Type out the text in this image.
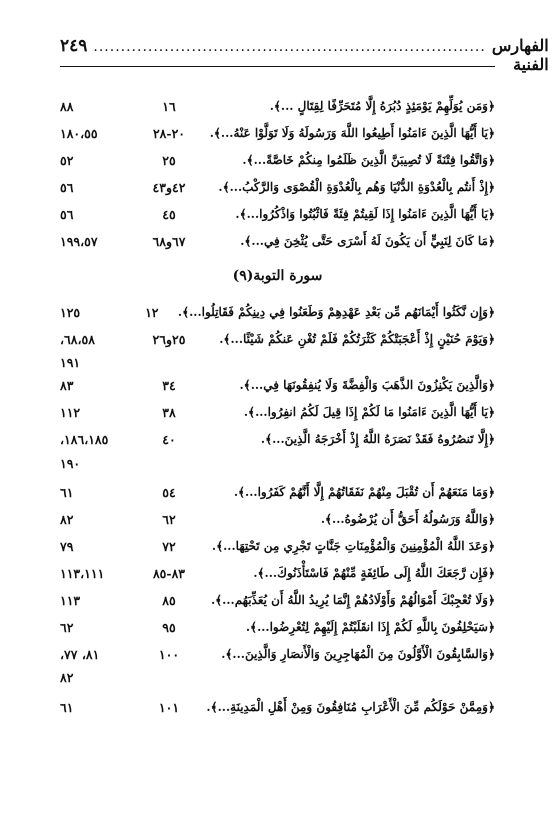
٢٤٩ ........................................................................ الفهارس الفنية
٨٨	١٦	﴿وَمَن يُوَلِّهِمْ يَوْمَئِذٍ دُبُرَهُ إِلَّا مُتَحَرِّفًا لِقِتَالٍ ...﴾.
١٨٠،٥٥	٢٠-٢٨	﴿يَا أَيُّهَا الَّذِينَ ءَامَنُوا أَطِيعُوا اللَّهَ وَرَسُولَهُ وَلَا تَوَلَّوْا عَنْهُ...﴾.
٥٢	٢٥	﴿وَاتَّقُوا فِتْنَةً لَا تُصِيبَنَّ الَّذِينَ ظَلَمُوا مِنكُمْ خَاصَّةً...﴾.
٥٦	٤٢و٤٣	﴿إِذْ أَنتُم بِالْعُدْوَةِ الدُّنْيَا وَهُم بِالْعُدْوَةِ الْقُصْوَى وَالرَّكْبُ...﴾.
٥٦	٤٥	﴿يَا أَيُّهَا الَّذِينَ ءَامَنُوا إِذَا لَقِيتُمْ فِئَةً فَاثْبُتُوا وَاذْكُرُوا...﴾.
١٩٩،٥٧	٦٧و٦٨	﴿مَا كَانَ لِنَبِيٍّ أَن يَكُونَ لَهُ أَسْرَى حَتَّى يُثْخِنَ فِي...﴾.
سورة التوبة(٩)
١٢٥	١٢	﴿وَإِن نَّكَثُوا أَيْمَانَهُم مِّن بَعْدِ عَهْدِهِمْ وَطَعَنُوا فِي دِينِكُمْ فَقَاتِلُوا...﴾.
٦٨،٥٨،	٢٥و٢٦	﴿وَيَوْمَ حُنَيْنٍ إِذْ أَعْجَبَتْكُمْ كَثْرَتُكُمْ فَلَمْ تُغْنِ عَنكُمْ شَيْئًا...﴾.
١٩١
٨٣	٣٤	﴿وَالَّذِينَ يَكْنِزُونَ الذَّهَبَ وَالْفِضَّةَ وَلَا يُنفِقُونَهَا فِي...﴾.
١١٢	٣٨	﴿يَا أَيُّهَا الَّذِينَ ءَامَنُوا مَا لَكُمْ إِذَا قِيلَ لَكُمُ انفِرُوا...﴾.
١٨٦،١٨٥،	٤٠	﴿إِلَّا تَنصُرُوهُ فَقَدْ نَصَرَهُ اللَّهُ إِذْ أَخْرَجَهُ الَّذِينَ...﴾.
١٩٠
٦١	٥٤	﴿وَمَا مَنَعَهُمْ أَن تُقْبَلَ مِنْهُمْ نَفَقَاتُهُمْ إِلَّا أَنَّهُمْ كَفَرُوا...﴾.
٨٢	٦٢	﴿وَاللَّهُ وَرَسُولُهُ أَحَقُّ أَن يُرْضُوهُ...﴾.
٧٩	٧٢	﴿وَعَدَ اللَّهُ الْمُؤْمِنِينَ وَالْمُؤْمِنَاتِ جَنَّاتٍ تَجْرِي مِن تَحْتِهَا...﴾.
١١٣،١١١	٨٣-٨٥	﴿فَإِن رَّجَعَكَ اللَّهُ إِلَى طَائِفَةٍ مِّنْهُمْ فَاسْتَأْذَنُوكَ...﴾.
١١٣	٨٥	﴿وَلَا تُعْجِبْكَ أَمْوَالُهُمْ وَأَوْلَادُهُمْ إِنَّمَا يُرِيدُ اللَّهُ أَن يُعَذِّبَهُم...﴾.
٦٢	٩٥	﴿سَيَحْلِفُونَ بِاللَّهِ لَكُمْ إِذَا انقَلَبْتُمْ إِلَيْهِمْ لِتُعْرِضُوا...﴾.
٨١، ٧٧،	١٠٠	﴿وَالسَّابِقُونَ الْأَوَّلُونَ مِنَ الْمُهَاجِرِينَ وَالْأَنصَارِ وَالَّذِينَ...﴾.
٨٢
٦١	١٠١	﴿وَمِمَّنْ حَوْلَكُم مِّنَ الْأَعْرَابِ مُنَافِقُونَ وَمِنْ أَهْلِ الْمَدِينَةِ...﴾.
